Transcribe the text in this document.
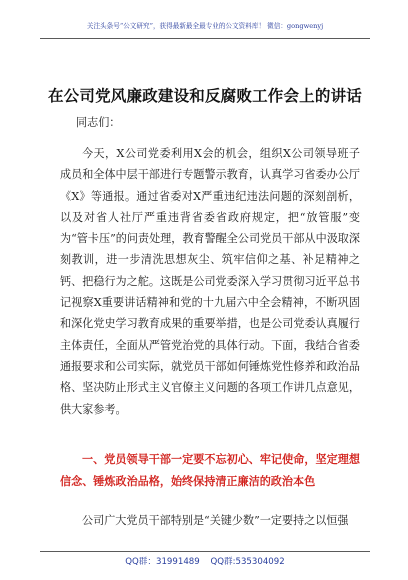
关注头条号“公文研究”，获得最新最全最专业的公文资料库！ 微信：gongwenyj
在公司党风廉政建设和反腐败工作会上的讲话
同志们：
今天，X公司党委利用X会的机会，组织X公司领导班子成员和全体中层干部进行专题警示教育，认真学习省委办公厅《X》等通报。通过省委对X严重违纪违法问题的深刻剖析，以及对省人社厅严重违背省委省政府规定，把“放管服”变为“管卡压”的问责处理，教育警醒全公司党员干部从中汲取深刻教训，进一步清洗思想灰尘、筑牢信仰之基、补足精神之钙、把稳行为之舵。这既是公司党委深入学习贯彻习近平总书记视察X重要讲话精神和党的十九届六中全会精神，不断巩固和深化党史学习教育成果的重要举措，也是公司党委认真履行主体责任，全面从严管党治党的具体行动。下面，我结合省委通报要求和公司实际，就党员干部如何锤炼党性修养和政治品格、坚决防止形式主义官僚主义问题的各项工作讲几点意见，供大家参考。
一、党员领导干部一定要不忘初心、牢记使命，坚定理想信念、锤炼政治品格，始终保持清正廉洁的政治本色
公司广大党员干部特别是“关键少数”一定要持之以恒强
QQ群：31991489 QQ群:535304092
